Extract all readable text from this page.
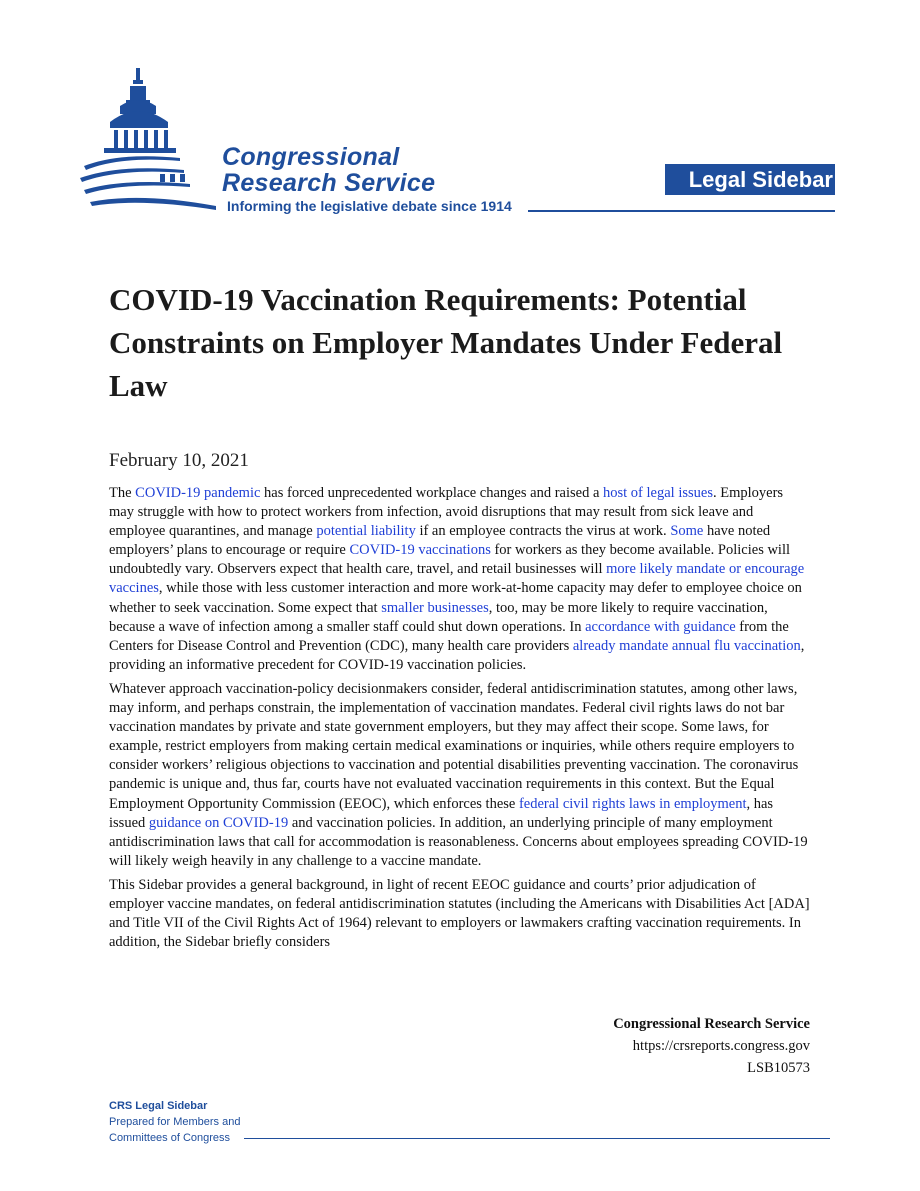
Congressional
Research Service
Informing the legislative debate since 1914
Legal Sidebar
COVID-19 Vaccination Requirements: Potential Constraints on Employer Mandates Under Federal Law
February 10, 2021

The COVID-19 pandemic has forced unprecedented workplace changes and raised a host of legal issues. Employers may struggle with how to protect workers from infection, avoid disruptions that may result from sick leave and employee quarantines, and manage potential liability if an employee contracts the virus at work. Some have noted employers’ plans to encourage or require COVID-19 vaccinations for workers as they become available. Policies will undoubtedly vary. Observers expect that health care, travel, and retail businesses will more likely mandate or encourage vaccines, while those with less customer interaction and more work-at-home capacity may defer to employee choice on whether to seek vaccination. Some expect that smaller businesses, too, may be more likely to require vaccination, because a wave of infection among a smaller staff could shut down operations. In accordance with guidance from the Centers for Disease Control and Prevention (CDC), many health care providers already mandate annual flu vaccination, providing an informative precedent for COVID-19 vaccination policies.

Whatever approach vaccination-policy decisionmakers consider, federal antidiscrimination statutes, among other laws, may inform, and perhaps constrain, the implementation of vaccination mandates. Federal civil rights laws do not bar vaccination mandates by private and state government employers, but they may affect their scope. Some laws, for example, restrict employers from making certain medical examinations or inquiries, while others require employers to consider workers’ religious objections to vaccination and potential disabilities preventing vaccination. The coronavirus pandemic is unique and, thus far, courts have not evaluated vaccination requirements in this context. But the Equal Employment Opportunity Commission (EEOC), which enforces these federal civil rights laws in employment, has issued guidance on COVID-19 and vaccination policies. In addition, an underlying principle of many employment antidiscrimination laws that call for accommodation is reasonableness. Concerns about employees spreading COVID-19 will likely weigh heavily in any challenge to a vaccine mandate.

This Sidebar provides a general background, in light of recent EEOC guidance and courts’ prior adjudication of employer vaccine mandates, on federal antidiscrimination statutes (including the Americans with Disabilities Act [ADA] and Title VII of the Civil Rights Act of 1964) relevant to employers or lawmakers crafting vaccination requirements. In addition, the Sidebar briefly considers

Congressional Research Service
https://crsreports.congress.gov
LSB10573
CRS Legal Sidebar
Prepared for Members and
Committees of Congress
